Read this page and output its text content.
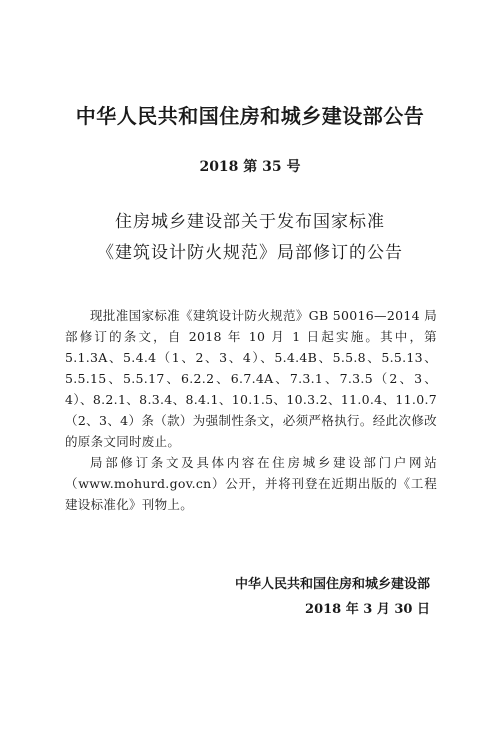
中华人民共和国住房和城乡建设部公告
2018 第 35 号
住房城乡建设部关于发布国家标准
《建筑设计防火规范》局部修订的公告

现批准国家标准《建筑设计防火规范》GB 50016—2014 局部修订的条文，自 2018 年 10 月 1 日起实施。其中，第 5.1.3A、5.4.4（1、2、3、4）、5.4.4B、5.5.8、5.5.13、5.5.15、5.5.17、6.2.2、6.7.4A、7.3.1、7.3.5（2、3、4）、8.2.1、8.3.4、8.4.1、10.1.5、10.3.2、11.0.4、11.0.7（2、3、4）条（款）为强制性条文，必须严格执行。经此次修改的原条文同时废止。

局部修订条文及具体内容在住房城乡建设部门户网站（www.mohurd.gov.cn）公开，并将刊登在近期出版的《工程建设标准化》刊物上。

中华人民共和国住房和城乡建设部
2018 年 3 月 30 日
